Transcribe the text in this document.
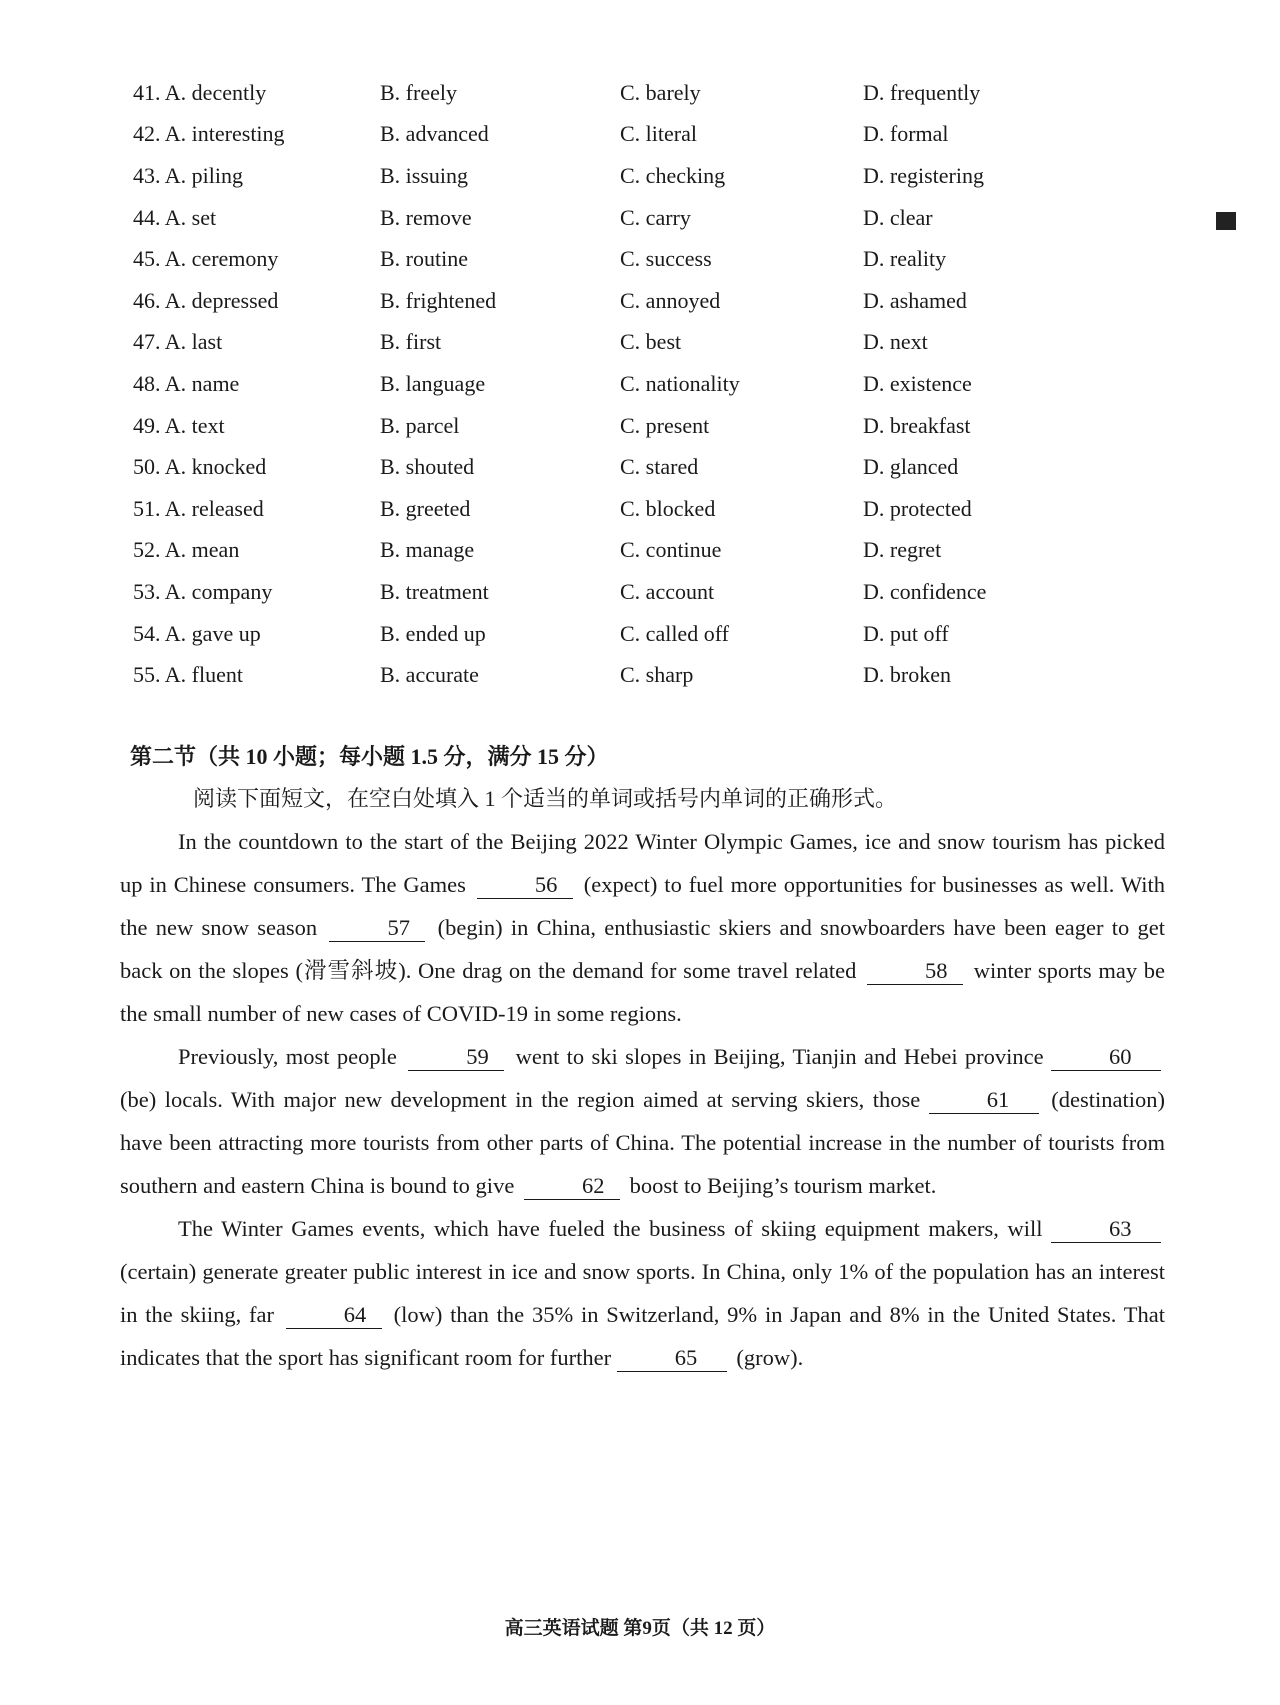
41. A. decently	B. freely	C. barely	D. frequently
42. A. interesting	B. advanced	C. literal	D. formal
43. A. piling	B. issuing	C. checking	D. registering
44. A. set	B. remove	C. carry	D. clear
45. A. ceremony	B. routine	C. success	D. reality
46. A. depressed	B. frightened	C. annoyed	D. ashamed
47. A. last	B. first	C. best	D. next
48. A. name	B. language	C. nationality	D. existence
49. A. text	B. parcel	C. present	D. breakfast
50. A. knocked	B. shouted	C. stared	D. glanced
51. A. released	B. greeted	C. blocked	D. protected
52. A. mean	B. manage	C. continue	D. regret
53. A. company	B. treatment	C. account	D. confidence
54. A. gave up	B. ended up	C. called off	D. put off
55. A. fluent	B. accurate	C. sharp	D. broken
第二节（共 10 小题；每小题 1.5 分，满分 15 分）
阅读下面短文，在空白处填入 1 个适当的单词或括号内单词的正确形式。

In the countdown to the start of the Beijing 2022 Winter Olympic Games, ice and snow tourism has picked up in Chinese consumers. The Games	56 (expect) to fuel more opportunities for businesses as well. With the new snow season	57 (begin) in China, enthusiastic skiers and snowboarders have been eager to get back on the slopes (滑雪斜坡). One drag on the demand for some travel related	58 winter sports may be the small number of new cases of COVID-19 in some regions.

Previously, most people	59 went to ski slopes in Beijing, Tianjin and Hebei province	60 (be) locals. With major new development in the region aimed at serving skiers, those	61 (destination) have been attracting more tourists from other parts of China. The potential increase in the number of tourists from southern and eastern China is bound to give	62 boost to Beijing’s tourism market.

The Winter Games events, which have fueled the business of skiing equipment makers, will	63 (certain) generate greater public interest in ice and snow sports. In China, only 1% of the population has an interest in the skiing, far	64 (low) than the 35% in Switzerland, 9% in Japan and 8% in the United States. That indicates that the sport has significant room for further	65 (grow).

高三英语试题 第9页（共 12 页）
